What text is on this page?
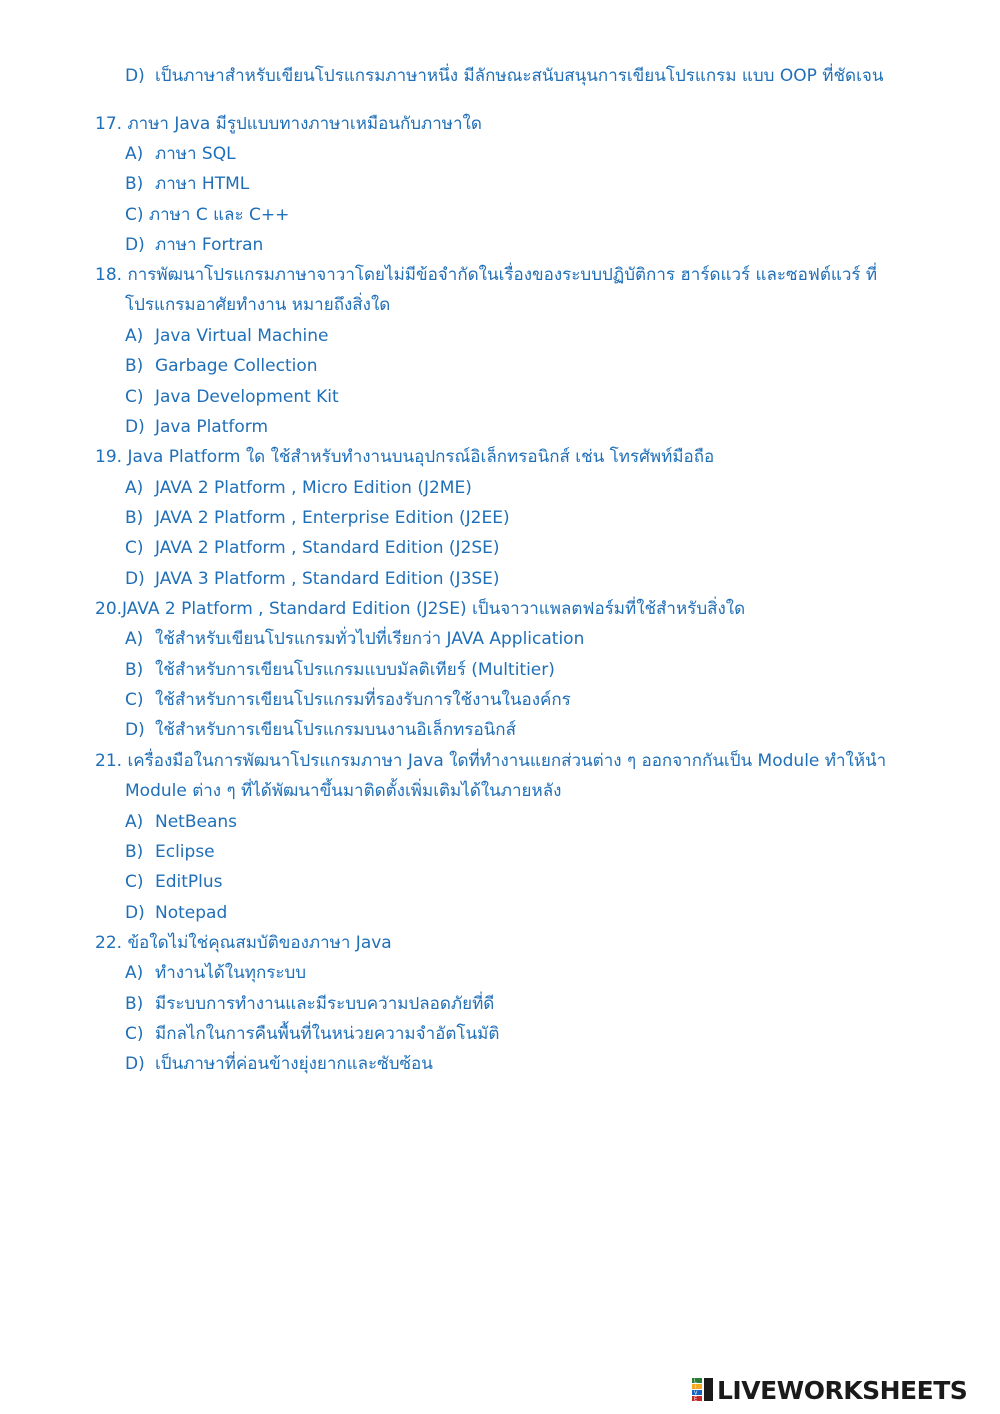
D) เป็นภาษาสำหรับเขียนโปรแกรมภาษาหนึ่ง มีลักษณะสนับสนุนการเขียนโปรแกรม แบบ OOP ที่ชัดเจน
17. ภาษา Java มีรูปแบบทางภาษาเหมือนกับภาษาใด
A) ภาษา SQL
B) ภาษา HTML
C) ภาษา C และ C++
D) ภาษา Fortran
18. การพัฒนาโปรแกรมภาษาจาวาโดยไม่มีข้อจำกัดในเรื่องของระบบปฏิบัติการ ฮาร์ดแวร์ และซอฟต์แวร์ ที่
โปรแกรมอาศัยทำงาน หมายถึงสิ่งใด
A) Java Virtual Machine
B) Garbage Collection
C) Java Development Kit
D) Java Platform
19. Java Platform ใด ใช้สำหรับทำงานบนอุปกรณ์อิเล็กทรอนิกส์ เช่น โทรศัพท์มือถือ
A) JAVA 2 Platform , Micro Edition (J2ME)
B) JAVA 2 Platform , Enterprise Edition (J2EE)
C) JAVA 2 Platform , Standard Edition (J2SE)
D) JAVA 3 Platform , Standard Edition (J3SE)
20.JAVA 2 Platform , Standard Edition (J2SE) เป็นจาวาแพลตฟอร์มที่ใช้สำหรับสิ่งใด
A) ใช้สำหรับเขียนโปรแกรมทั่วไปที่เรียกว่า JAVA Application
B) ใช้สำหรับการเขียนโปรแกรมแบบมัลติเทียร์ (Multitier)
C) ใช้สำหรับการเขียนโปรแกรมที่รองรับการใช้งานในองค์กร
D) ใช้สำหรับการเขียนโปรแกรมบนงานอิเล็กทรอนิกส์
21. เครื่องมือในการพัฒนาโปรแกรมภาษา Java ใดที่ทำงานแยกส่วนต่าง ๆ ออกจากกันเป็น Module ทำให้นำ
Module ต่าง ๆ ที่ได้พัฒนาขึ้นมาติดตั้งเพิ่มเติมได้ในภายหลัง
A) NetBeans
B) Eclipse
C) EditPlus
D) Notepad
22. ข้อใดไม่ใช่คุณสมบัติของภาษา Java
A) ทำงานได้ในทุกระบบ
B) มีระบบการทำงานและมีระบบความปลอดภัยที่ดี
C) มีกลไกในการคืนพื้นที่ในหน่วยความจำอัตโนมัติ
D) เป็นภาษาที่ค่อนข้างยุ่งยากและซับซ้อน
L
I
V
E LIVEWORKSHEETS
